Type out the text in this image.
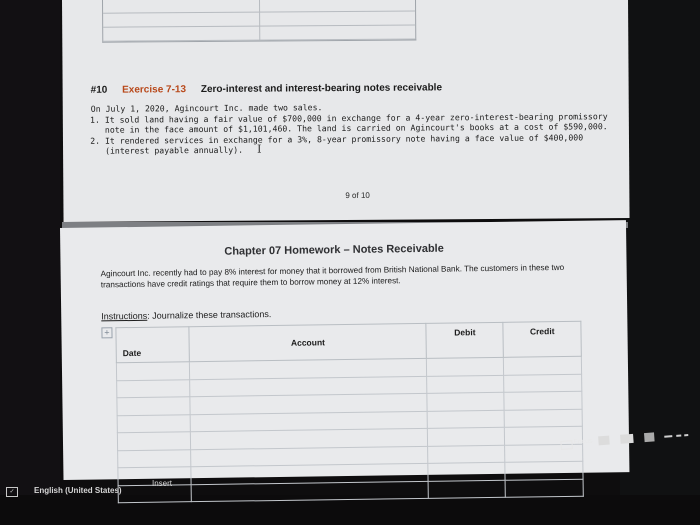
#10 Exercise 7-13 Zero-interest and interest-bearing notes receivable
On July 1, 2020, Agincourt Inc. made two sales.
1. It sold land having a fair value of $700,000 in exchange for a 4-year zero-interest-bearing promissory note in the face amount of $1,101,460. The land is carried on Agincourt's books at a cost of $590,000.
2. It rendered services in exchange for a 3%, 8-year promissory note having a face value of $400,000 (interest payable annually). I
9 of 10
Chapter 07 Homework – Notes Receivable
Agincourt Inc. recently had to pay 8% interest for money that it borrowed from British National Bank. The customers in these two transactions have credit ratings that require them to borrow money at 12% interest.
Instructions: Journalize these transactions.
+
Date	Account	Debit	Credit

✓	English (United States)
Insert
Focus
